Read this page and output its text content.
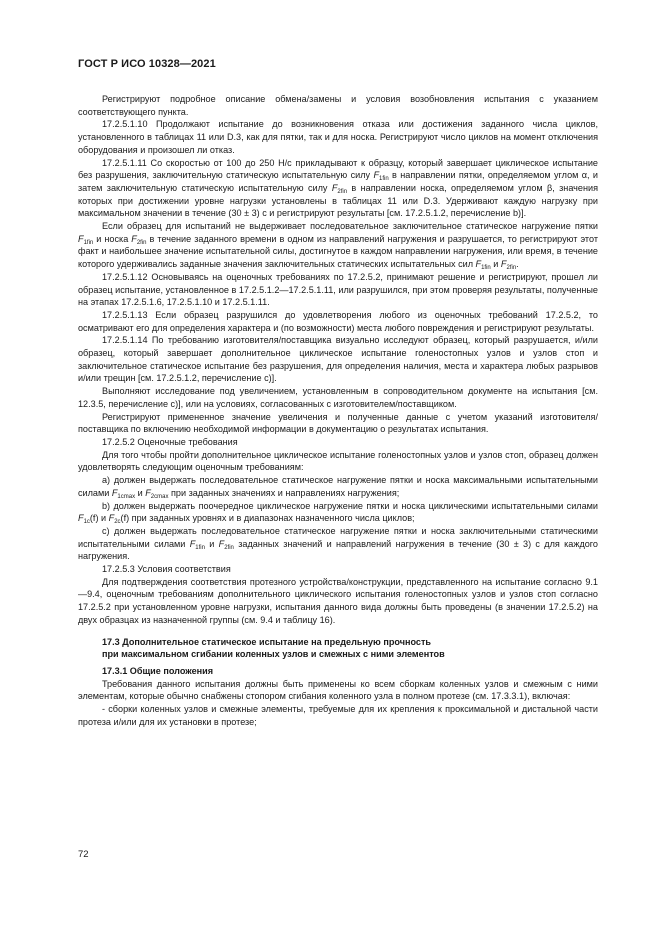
ГОСТ Р ИСО 10328—2021

Регистрируют подробное описание обмена/замены и условия возобновления испытания с указанием соответствующего пункта.

17.2.5.1.10 Продолжают испытание до возникновения отказа или достижения заданного числа циклов, установленного в таблицах 11 или D.3, как для пятки, так и для носка. Регистрируют число циклов на момент отключения оборудования и произошел ли отказ.

17.2.5.1.11 Со скоростью от 100 до 250 Н/с прикладывают к образцу, который завершает циклическое испытание без разрушения, заключительную статическую испытательную силу $F_{1fin}$ в направлении пятки, определяемом углом α, и затем заключительную статическую испытательную силу $F_{2fin}$ в направлении носка, определяемом углом β, значения которых при достижении уровне нагрузки установлены в таблицах 11 или D.3. Удерживают каждую нагрузку при максимальном значении в течение (30 ± 3) с и регистрируют результаты [см. 17.2.5.1.2, перечисление b)].

Если образец для испытаний не выдерживает последовательное заключительное статическое нагружение пятки $F_{1fin}$ и носка $F_{2fin}$ в течение заданного времени в одном из направлений нагружения и разрушается, то регистрируют этот факт и наибольшее значение испытательной силы, достигнутое в каждом направлении нагружения, или время, в течение которого удерживались заданные значения заключительных статических испытательных сил $F_{1fin}$ и $F_{2fin}$.

17.2.5.1.12 Основываясь на оценочных требованиях по 17.2.5.2, принимают решение и регистрируют, прошел ли образец испытание, установленное в 17.2.5.1.2—17.2.5.1.11, или разрушился, при этом проверяя результаты, полученные на этапах 17.2.5.1.6, 17.2.5.1.10 и 17.2.5.1.11.

17.2.5.1.13 Если образец разрушился до удовлетворения любого из оценочных требований 17.2.5.2, то осматривают его для определения характера и (по возможности) места любого повреждения и регистрируют результаты.

17.2.5.1.14 По требованию изготовителя/поставщика визуально исследуют образец, который разрушается, и/или образец, который завершает дополнительное циклическое испытание голеностопных узлов и узлов стоп и заключительное статическое испытание без разрушения, для определения наличия, места и характера любых разрывов и/или трещин [см. 17.2.5.1.2, перечисление с)].

Выполняют исследование под увеличением, установленным в сопроводительном документе на испытания [см. 12.3.5, перечисление с)], или на условиях, согласованных с изготовителем/поставщиком.

Регистрируют примененное значение увеличения и полученные данные с учетом указаний изготовителя/поставщика по включению необходимой информации в документацию о результатах испытания.

17.2.5.2 Оценочные требования

Для того чтобы пройти дополнительное циклическое испытание голеностопных узлов и узлов стоп, образец должен удовлетворять следующим оценочным требованиям:

а) должен выдержать последовательное статическое нагружение пятки и носка максимальными испытательными силами $F_{1cmax}$ и $F_{2cmax}$ при заданных значениях и направлениях нагружения;

b) должен выдержать поочередное циклическое нагружение пятки и носка циклическими испытательными силами $F_{1c}(f)$ и $F_{2c}(f)$ при заданных уровнях и в диапазонах назначенного числа циклов;

с) должен выдержать последовательное статическое нагружение пятки и носка заключительными статическими испытательными силами $F_{1fin}$ и $F_{2fin}$ заданных значений и направлений нагружения в течение (30 ± 3) с для каждого нагружения.

17.2.5.3 Условия соответствия

Для подтверждения соответствия протезного устройства/конструкции, представленного на испытание согласно 9.1—9.4, оценочным требованиям дополнительного циклического испытания голеностопных узлов и узлов стоп согласно 17.2.5.2 при установленном уровне нагрузки, испытания данного вида должны быть проведены (в значении 17.2.5.2) на двух образцах из назначенной группы (см. 9.4 и таблицу 16).

17.3 Дополнительное статическое испытание на предельную прочность
при максимальном сгибании коленных узлов и смежных с ними элементов

17.3.1 Общие положения

Требования данного испытания должны быть применены ко всем сборкам коленных узлов и смежным с ними элементам, которые обычно снабжены стопором сгибания коленного узла в полном протезе (см. 17.3.3.1), включая:

- сборки коленных узлов и смежные элементы, требуемые для их крепления к проксимальной и дистальной части протеза и/или для их установки в протезе;

72
